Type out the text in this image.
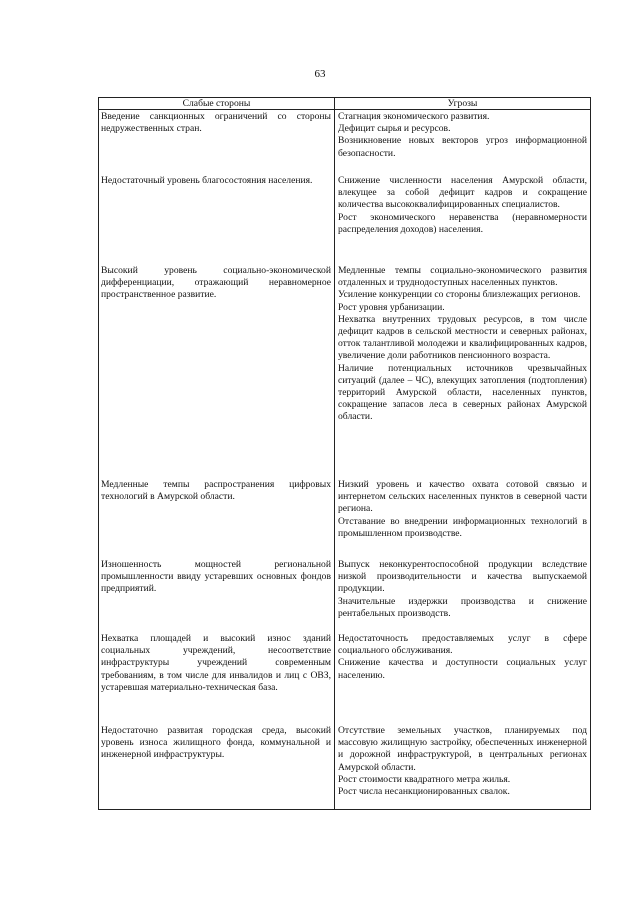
63
Слабые стороны	Угрозы

Введение санкционных ограничений со стороны недружественных стран.

Стагнация экономического развития.

Дефицит сырья и ресурсов.

Возникновение новых векторов угроз информационной безопасности.

Недостаточный уровень благосостояния населения.	Снижение численности населения Амурской области, влекущее за собой дефицит кадров и сокращение количества высококвалифицированных специалистов.

Рост экономического неравенства (неравномерности распределения доходов) населения.

Высокий уровень социально-экономической дифференциации, отражающий неравномерное пространственное развитие.

Медленные темпы социально-экономического развития отдаленных и труднодоступных населенных пунктов.

Усиление конкуренции со стороны близлежащих регионов.

Рост уровня урбанизации.

Нехватка внутренних трудовых ресурсов, в том числе дефицит кадров в сельской местности и северных районах, отток талантливой молодежи и квалифицированных кадров, увеличение доли работников пенсионного возраста.

Наличие потенциальных источников чрезвычайных ситуаций (далее – ЧС), влекущих затопления (подтопления) территорий Амурской области, населенных пунктов, сокращение запасов леса в северных районах Амурской области.

Медленные темпы распространения цифровых технологий в Амурской области.

Низкий уровень и качество охвата сотовой связью и интернетом сельских населенных пунктов в северной части региона.

Отставание во внедрении информационных технологий в промышленном производстве.

Изношенность мощностей региональной промышленности ввиду устаревших основных фондов предприятий.

Выпуск неконкурентоспособной продукции вследствие низкой производительности и качества выпускаемой продукции.

Значительные издержки производства и снижение рентабельных производств.

Нехватка площадей и высокий износ зданий социальных учреждений, несоответствие инфраструктуры учреждений современным требованиям, в том числе для инвалидов и лиц с ОВЗ, устаревшая материально-техническая база.

Недостаточность предоставляемых услуг в сфере социального обслуживания.

Снижение качества и доступности социальных услуг населению.

Недостаточно развитая городская среда, высокий уровень износа жилищного фонда, коммунальной и инженерной инфраструктуры.

Отсутствие земельных участков, планируемых под массовую жилищную застройку, обеспеченных инженерной и дорожной инфраструктурой, в центральных регионах Амурской области.

Рост стоимости квадратного метра жилья.

Рост числа несанкционированных свалок.
